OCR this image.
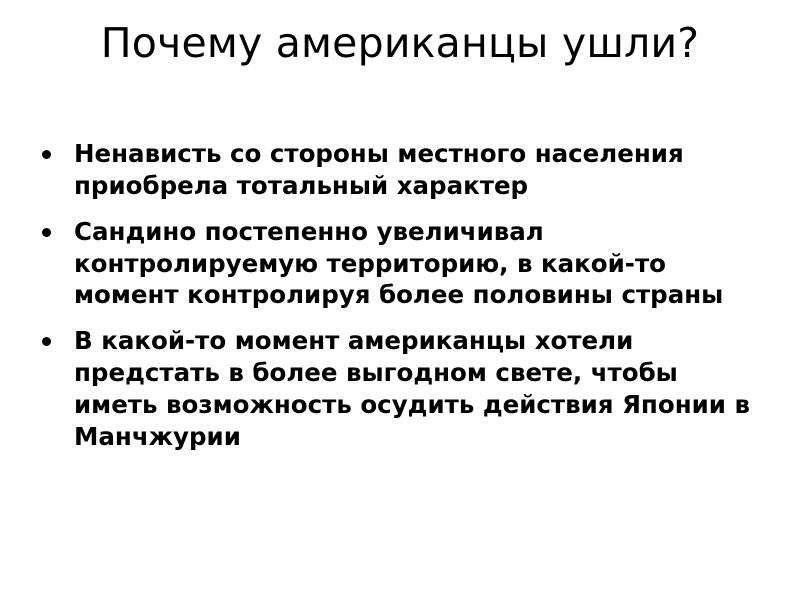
Почему американцы ушли?
Ненависть со стороны местного населения приобрела тотальный характер
Сандино постепенно увеличивал контролируемую территорию, в какой-то момент контролируя более половины страны
В какой-то момент американцы хотели предстать в более выгодном свете, чтобы иметь возможность осудить действия Японии в Манчжурии
